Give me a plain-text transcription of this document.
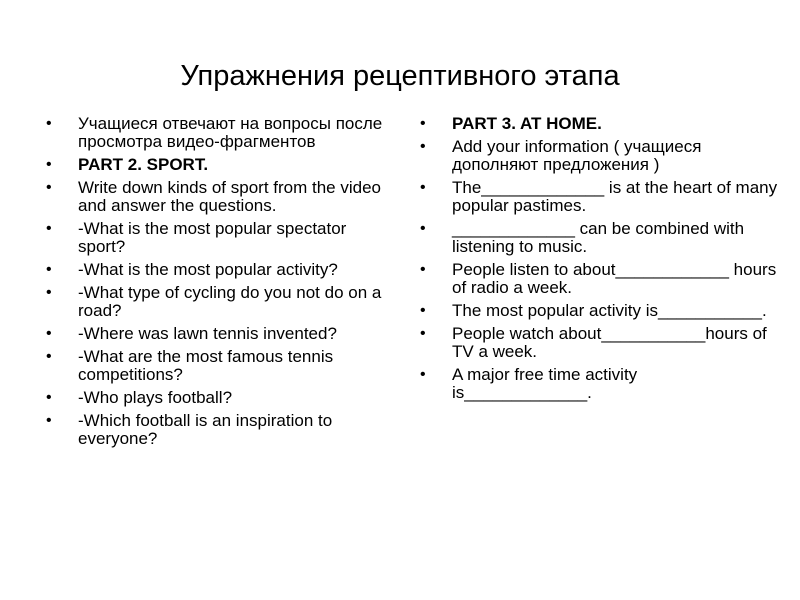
Упражнения рецептивного этапа
•	Учащиеся отвечают на вопросы после просмотра видео-фрагментов
•	PART 2. SPORT.
•	Write down kinds of sport from the video and answer the questions.
•	-What is the most popular spectator sport?
•	-What is the most popular activity?
•	-What type of cycling do you not do on a road?
•	-Where was lawn tennis invented?
•	-What are the most famous tennis competitions?
•	-Who plays football?
•	-Which football is an inspiration to everyone?
•	PART 3. AT HOME.
•	Add your information ( учащиеся дополняют предложения )
•	The_____________ is at the heart of many popular pastimes.
•	_____________ can be combined with listening to music.
•	People listen to about____________ hours of radio a week.
•	The most popular activity is___________.
•	People watch about___________hours of TV a week.
•	A major free time activity is_____________.
